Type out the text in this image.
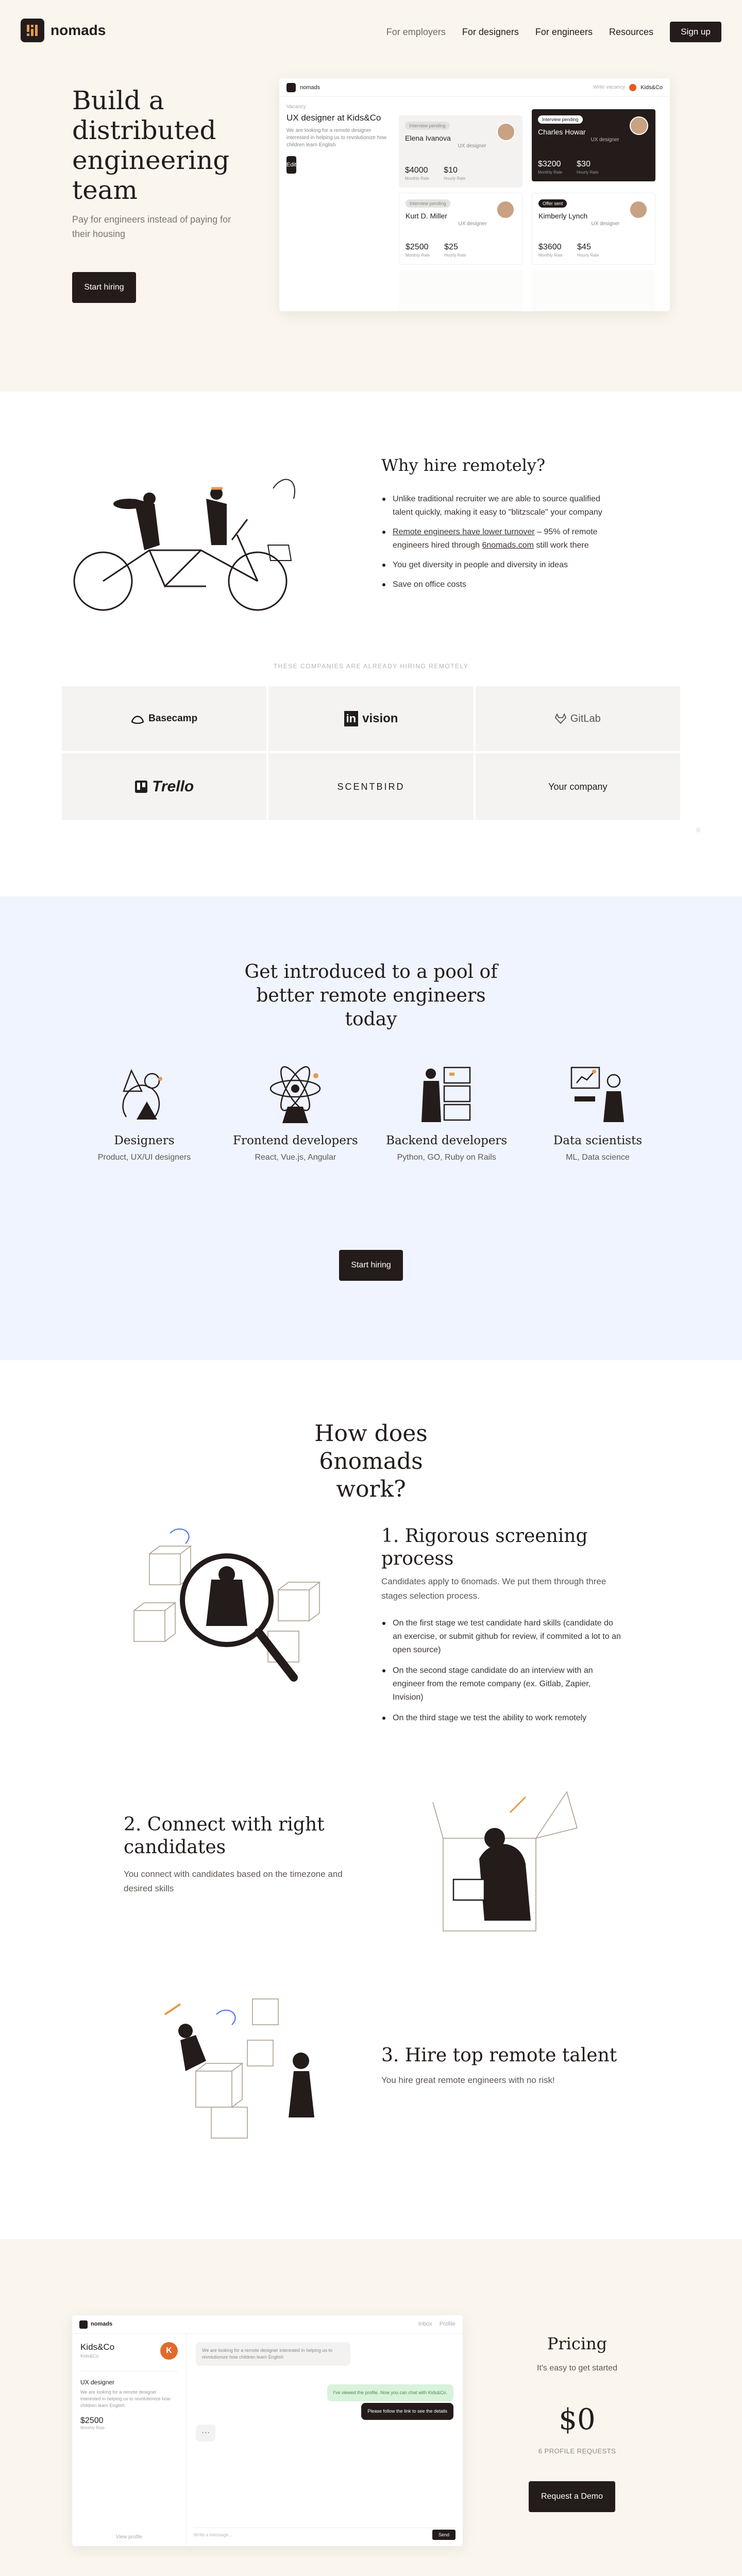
nomads	For employers For designers For engineers Resources	Sign up
Build a distributed engineering team

Pay for engineers instead of paying for their housing

Start hiring
nomads	Write vacancy	Kids&Co
Vacancy
UX designer at Kids&Co
We are looking for a remote designer interested in helping us to revolutionize how children learn English
Edit
Interview pending
Elena Ivanova
UX designer
$4000
Monthly Rate
$10
Hourly Rate
Interview pending
Charles Howar
UX designer
$3200
Monthly Rate
$30
Hourly Rate
Interview pending
Kurt D. Miller
UX designer
$2500
Monthly Rate
$25
Hourly Rate
Offer sent
Kimberly Lynch
UX designer
$3600
Monthly Rate
$45
Hourly Rate
Why hire remotely?
Unlike traditional recruiter we are able to source qualified talent quickly, making it easy to "blitzscale" your company
Remote engineers have lower turnover – 95% of remote engineers hired through 6nomads.com still work there
You get diversity in people and diversity in ideas
Save on office costs
THESE COMPANIES ARE ALREADY HIRING REMOTELY
Basecamp	in vision	GitLab
Trello	SCENTBIRD	Your company
Get introduced to a pool of better remote engineers today
Designers
Product, UX/UI designers
Frontend developers
React, Vue.js, Angular
Backend developers
Python, GO, Ruby on Rails
Data scientists
ML, Data science
Start hiring
How does 6nomads work?
1. Rigorous screening process

Candidates apply to 6nomads. We put them through three stages selection process.

On the first stage we test candidate hard skills (candidate do an exercise, or submit github for review, if commited a lot to an open source)
On the second stage candidate do an interview with an engineer from the remote company (ex. Gitlab, Zapier, Invision)
On the third stage we test the ability to work remotely
2. Connect with right candidates

You connect with candidates based on the timezone and desired skills

3. Hire top remote talent

You hire great remote engineers with no risk!

nomads	Inbox Profile
Kids&Co
Kids&Co
K
UX designer
We are looking for a remote designer interested in helping us to revolutionize how children learn English
$2500
Monthly Rate
View profile
We are looking for a remote designer interested in helping us to revolutionize how children learn English
I've viewed the profile. Now you can chat with Kids&Co.
Please follow the link to see the details
• • •
Write a message...	Send
Pricing

It's easy to get started

$0
6 PROFILE REQUESTS
Request a Demo
